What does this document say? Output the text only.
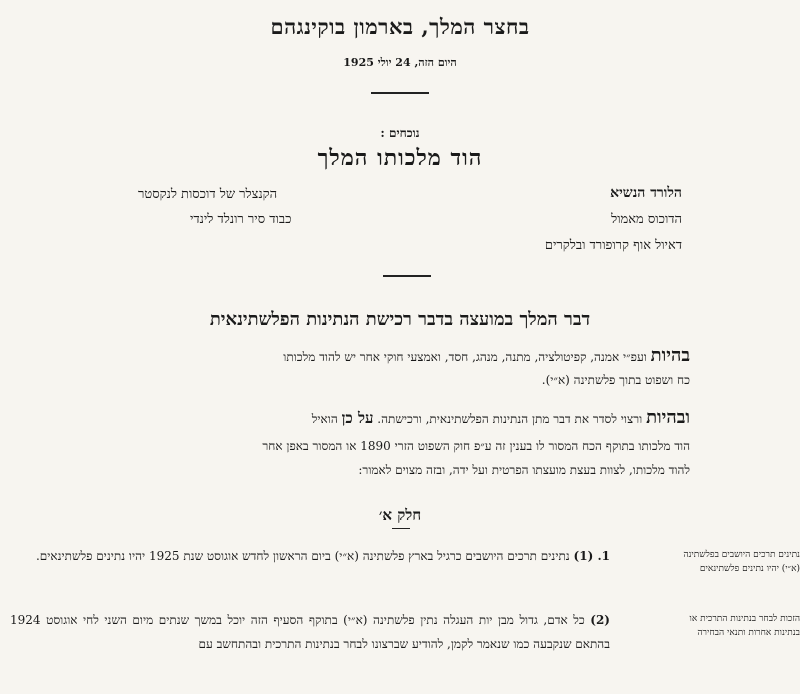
בחצר המלך, בארמון בוקינגהם
היום הזה, 24 יולי 1925
נוכחים :
הוד מלכותו המלך
הלורד הנשיא
הדוכוס מאמול
דאיול אוף קרופורד ובלקרים
הקנצלר של דוכסות לנקסטר
כבוד סיר רונלד לינדי
דבר המלך במועצה בדבר רכישת הנתינות הפלשתינאית
בהיות ועפ״י אמנה, קפיטולציה, מתנה, מנהג, חסד, ואמצעי חוקי אחר יש להוד מלכותו
כח ושפוט בתוך פלשתינה (א״י).
ובהיות ורצוי לסדר את דבר מתן הנתינות הפלשתינאית, ורכישתה. על כן הואיל
הוד מלכותו בתוקף הכח המסור לו בענין זה ע״פ חוק השפוט הזרי 1890 או המסור באפן אחר
להוד מלכותו, לצוות בעצת מועצתו הפרטית ועל ידה, ובזה מצוים לאמור:
חלק א׳
נתינים תרכים היושבים בפלשתינה (א״י) יהיו נתינים פלשתינאים
1. (1) נתינים תרכים היושבים כרגיל בארץ פלשתינה (א״י) ביום הראשון לחדש אוגוסט שנת 1925 יהיו נתינים פלשתינאים.
הזכות לבחר בנתינות התרכית או בנתינות אחרות ותנאי הבחירה
(2) כל אדם, גדול מבן יות העגלה נתין פלשתינה (א״י) בתוקף הסעיף הזה יוכל במשך שנתים מיום השני לחי אוגוסט 1924 בהתאם שנקבעה כמו שנאמר לקמן, להודיע שברצונו לבחר בנתינות התרכית ובהתחשב עם
